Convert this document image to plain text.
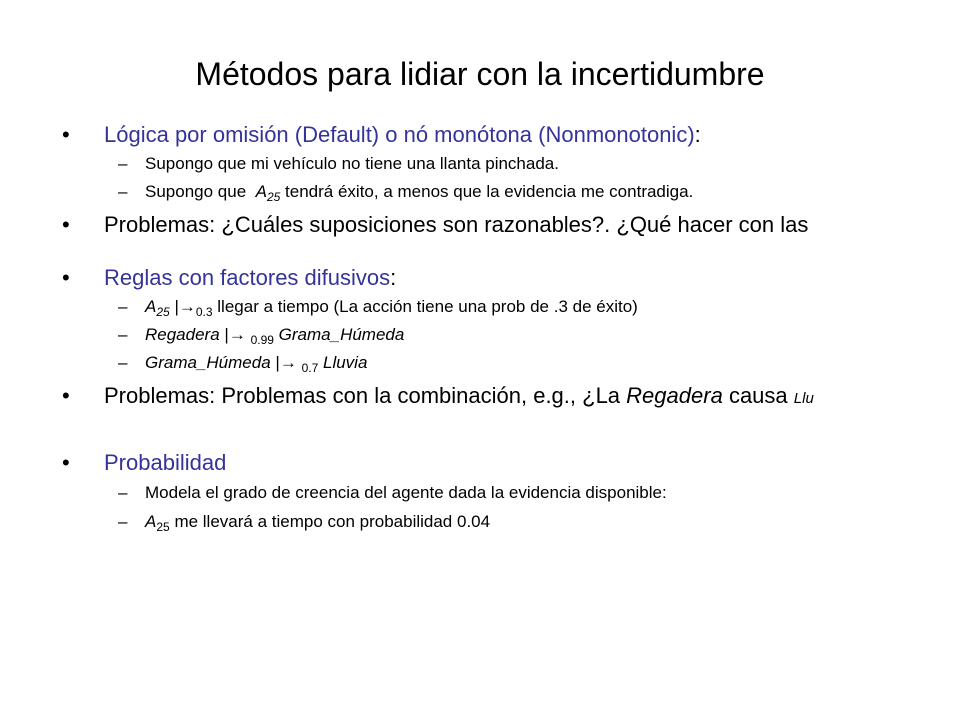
Métodos para lidiar con la incertidumbre
• Lógica por omisión (Default) o nó monótona (Nonmonotonic):
– Supongo que mi vehículo no tiene una llanta pinchada.
– Supongo que $A_{25}$ tendrá éxito, a menos que la evidencia me contradiga.
• Problemas: ¿Cuáles suposiciones son razonables?. ¿Qué hacer con las
• Reglas con factores difusivos:
– $A_{25}$ $|\to_{0.3}$ llegar a tiempo (La acción tiene una prob de .3 de éxito)
– Regadera |→ $_{0.99}$ Grama_Húmeda
– Grama_Húmeda |→ $_{0.7}$ Lluvia
• Problemas: Problemas con la combinación, e.g., ¿La Regadera causa Llu
• Probabilidad
– Modela el grado de creencia del agente dada la evidencia disponible:
– $A_{25}$ me llevará a tiempo con probabilidad 0.04
